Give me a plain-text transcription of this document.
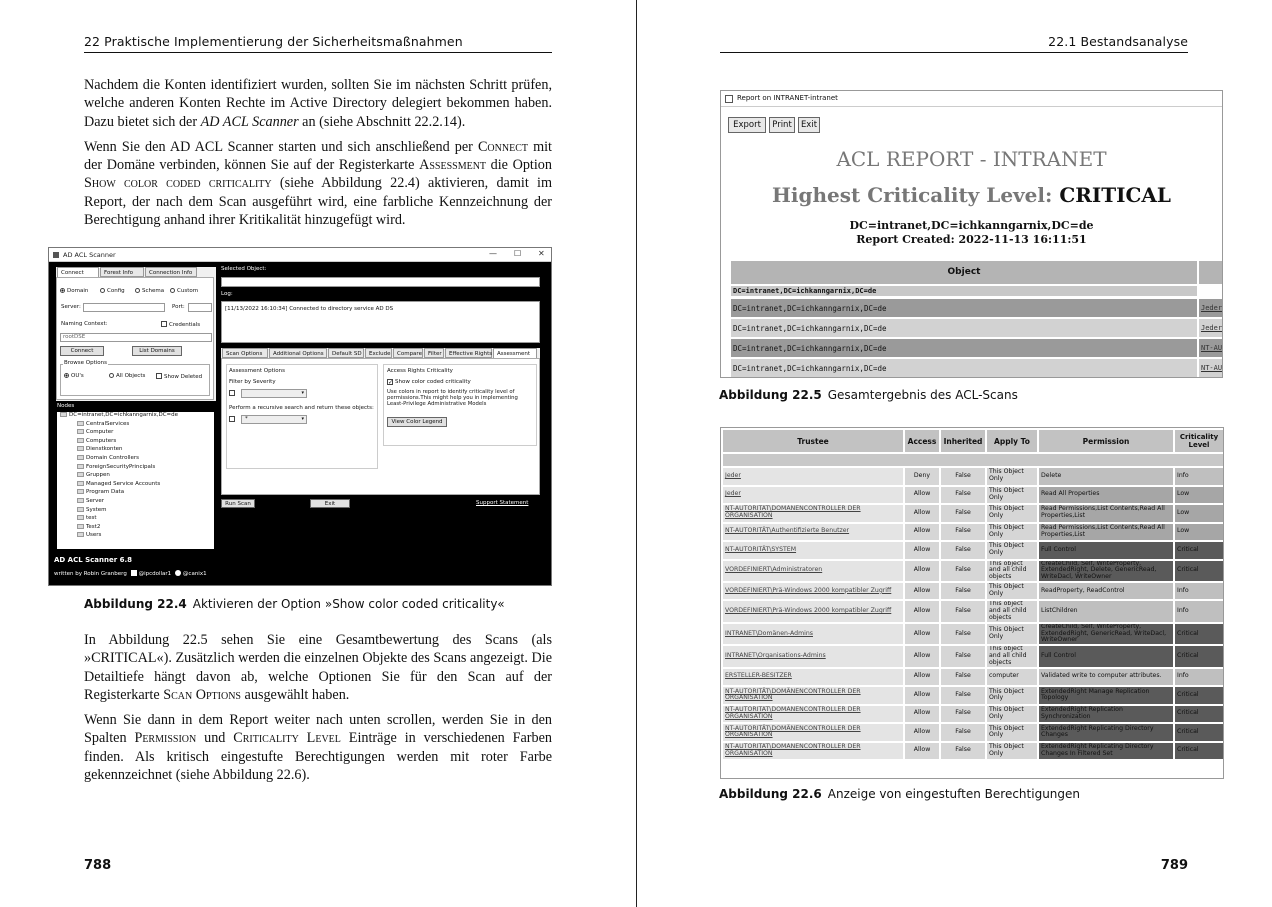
22 Praktische Implementierung der Sicherheitsmaßnahmen

Nachdem die Konten identifiziert wurden, sollten Sie im nächsten Schritt prüfen, welche anderen Konten Rechte im Active Directory delegiert bekommen haben. Dazu bietet sich der AD ACL Scanner an (siehe Abschnitt 22.2.14).

Wenn Sie den AD ACL Scanner starten und sich anschließend per Connect mit der Domäne verbinden, können Sie auf der Registerkarte Assessment die Option Show color coded criticality (siehe Abbildung 22.4) aktivieren, damit im Report, der nach dem Scan ausgeführt wird, eine farbliche Kennzeichnung der Berechtigung anhand ihrer Kritikalität hinzugefügt wird.

AD ACL Scanner	— ☐ ✕
Connect	Forest Info	Connection Info
Domain	Config	Schema	Custom
Server:	Port:
Naming Context:	Credentials
rootDSE
Connect	List Domains
Browse Options
OU's	All Objects	Show Deleted
Nodes
DC=intranet,DC=ichkanngarnix,DC=de
CentralServices
Computer
Computers
Dienstkonten
Domain Controllers
ForeignSecurityPrincipals
Gruppen
Managed Service Accounts
Program Data
Server
System
test
Test2
Users
AD ACL Scanner 6.8
written by Robin Granberg @ipcdollar1 @canix1
Selected Object:
Log:
[11/13/2022 16:10:34] Connected to directory service AD DS
Scan Options	Additional Options	Default SD	Exclude	Compare	Filter	Effective Rights Assessment
Assessment Options
Filter by Severity
▾
Perform a recursive search and return these objects:
*	▾
Access Rights Criticality
✓ Show color coded criticality
Use colors in report to identify criticality level of permissions.This might help you in implementing Least-Privilege Administrative Models
View Color Legend
Run Scan	Exit	Support Statement
Abbildung 22.4 Aktivieren der Option »Show color coded criticality«

In Abbildung 22.5 sehen Sie eine Gesamtbewertung des Scans (als »CRITICAL«). Zusätzlich werden die einzelnen Objekte des Scans angezeigt. Die Detailtiefe hängt davon ab, welche Optionen Sie für den Scan auf der Registerkarte Scan Options ausgewählt haben.

Wenn Sie dann in dem Report weiter nach unten scrollen, werden Sie in den Spalten Permission und Criticality Level Einträge in verschiedenen Farben finden. Als kritisch eingestufte Berechtigungen werden mit roter Farbe gekennzeichnet (siehe Abbildung 22.6).

788
22.1 Bestandsanalyse
789
Report on INTRANET-intranet
Export	Print	Exit
ACL REPORT - INTRANET
Highest Criticality Level: CRITICAL
DC=intranet,DC=ichkanngarnix,DC=de
Report Created: 2022-11-13 16:11:51
Object
DC=intranet,DC=ichkanngarnix,DC=de
DC=intranet,DC=ichkanngarnix,DC=de	Jeder
DC=intranet,DC=ichkanngarnix,DC=de	Jeder
DC=intranet,DC=ichkanngarnix,DC=de	NT-AU
DC=intranet,DC=ichkanngarnix,DC=de	NT-AU
Abbildung 22.5 Gesamtergebnis des ACL-Scans
Trustee	Access	Inherited	Apply To	Permission	Criticality Level

Jeder	Deny	False	This Object Only	Delete	Info
Jeder	Allow	False	This Object Only	Read All Properties	Low
NT-AUTORITÄT\DOMÄNENCONTROLLER DER ORGANISATION	Allow	False	This Object Only	Read Permissions,List Contents,Read All Properties,List	Low
NT-AUTORITÄT\Authentifizierte Benutzer	Allow	False	This Object Only	Read Permissions,List Contents,Read All Properties,List	Low
NT-AUTORITÄT\SYSTEM	Allow	False	This Object Only	Full Control	Critical
VORDEFINIERT\Administratoren	Allow	False	This object and all child objects	CreateChild, Self, WriteProperty, ExtendedRight, Delete, GenericRead, WriteDacl, WriteOwner	Critical
VORDEFINIERT\Prä-Windows 2000 kompatibler Zugriff	Allow	False	This Object Only	ReadProperty, ReadControl	Info
VORDEFINIERT\Prä-Windows 2000 kompatibler Zugriff	Allow	False	This object and all child objects	ListChildren	Info
INTRANET\Domänen-Admins	Allow	False	This Object Only	CreateChild, Self, WriteProperty, ExtendedRight, GenericRead, WriteDacl, WriteOwner	Critical
INTRANET\Organisations-Admins	Allow	False	This object and all child objects	Full Control	Critical
ERSTELLER-BESITZER	Allow	False	computer	Validated write to computer attributes.	Info
NT-AUTORITÄT\DOMÄNENCONTROLLER DER ORGANISATION	Allow	False	This Object Only	ExtendedRight Manage Replication Topology	Critical
NT-AUTORITÄT\DOMÄNENCONTROLLER DER ORGANISATION	Allow	False	This Object Only	ExtendedRight Replication Synchronization	Critical
NT-AUTORITÄT\DOMÄNENCONTROLLER DER ORGANISATION	Allow	False	This Object Only	ExtendedRight Replicating Directory Changes	Critical
NT-AUTORITÄT\DOMÄNENCONTROLLER DER ORGANISATION	Allow	False	This Object Only	ExtendedRight Replicating Directory Changes In Filtered Set	Critical
Abbildung 22.6 Anzeige von eingestuften Berechtigungen
